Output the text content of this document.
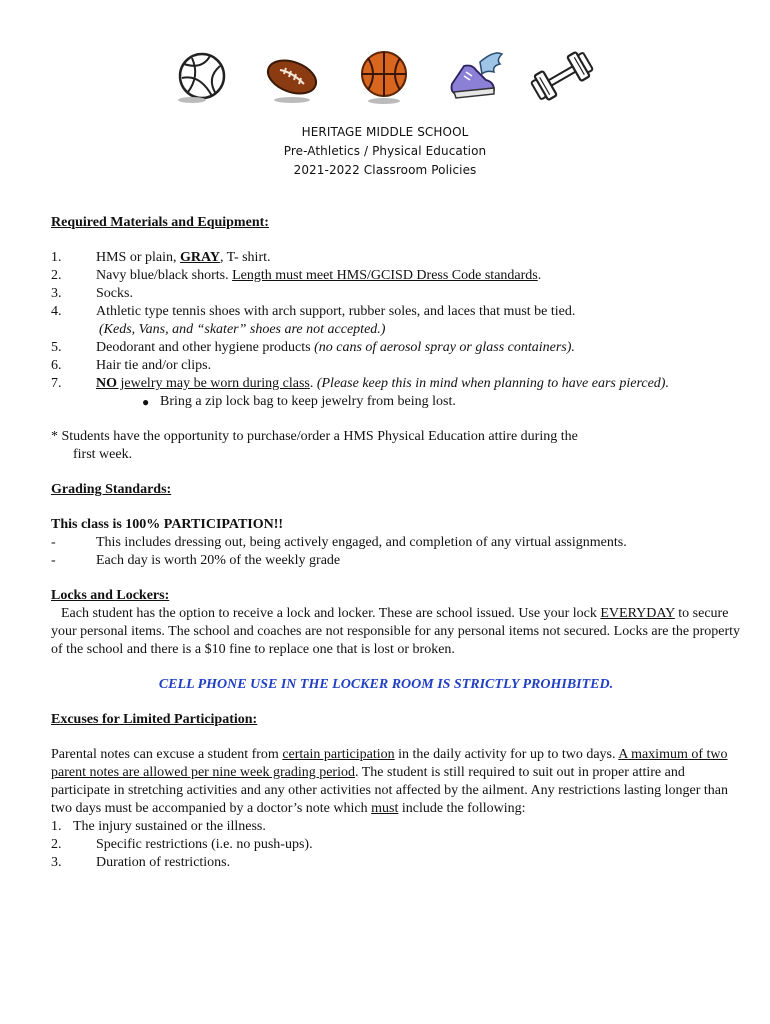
HERITAGE MIDDLE SCHOOL
Pre-Athletics / Physical Education
2021-2022 Classroom Policies
Required Materials and Equipment:
1. HMS or plain, GRAY, T- shirt.
2. Navy blue/black shorts. Length must meet HMS/GCISD Dress Code standards.
3. Socks.
4. Athletic type tennis shoes with arch support, rubber soles, and laces that must be tied.
(Keds, Vans, and “skater” shoes are not accepted.)
5. Deodorant and other hygiene products (no cans of aerosol spray or glass containers).
6. Hair tie and/or clips.
7. NO jewelry may be worn during class. (Please keep this in mind when planning to have ears pierced).
● Bring a zip lock bag to keep jewelry from being lost.
* Students have the opportunity to purchase/order a HMS Physical Education attire during the
first week.
Grading Standards:
This class is 100% PARTICIPATION!!
-	This includes dressing out, being actively engaged, and completion of any virtual assignments.
-	Each day is worth 20% of the weekly grade
Locks and Lockers:
Each student has the option to receive a lock and locker. These are school issued. Use your lock EVERYDAY to secure your personal items. The school and coaches are not responsible for any personal items not secured. Locks are the property of the school and there is a $10 fine to replace one that is lost or broken.
CELL PHONE USE IN THE LOCKER ROOM IS STRICTLY PROHIBITED.
Excuses for Limited Participation:
Parental notes can excuse a student from certain participation in the daily activity for up to two days. A maximum of two parent notes are allowed per nine week grading period. The student is still required to suit out in proper attire and participate in stretching activities and any other activities not affected by the ailment. Any restrictions lasting longer than two days must be accompanied by a doctor’s note which must include the following:
1. The injury sustained or the illness.
2. Specific restrictions (i.e. no push-ups).
3. Duration of restrictions.
